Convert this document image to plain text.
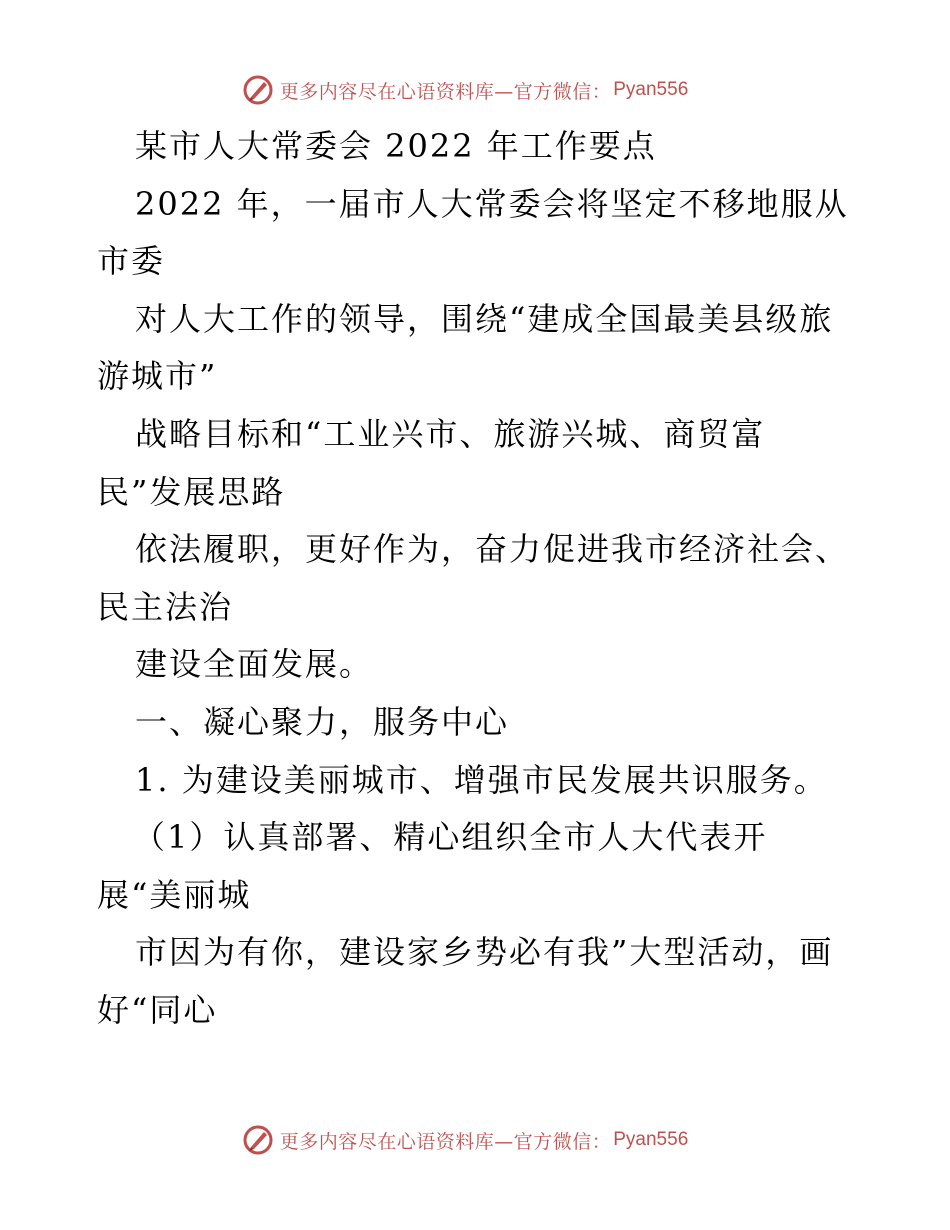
更多内容尽在心语资料库—官方微信： Pyan556
某市人大常委会 2022 年工作要点
2022 年，一届市人大常委会将坚定不移地服从
市委
对人大工作的领导，围绕“建成全国最美县级旅
游城市”
战略目标和“工业兴市、旅游兴城、商贸富
民”发展思路
依法履职，更好作为，奋力促进我市经济社会、
民主法治
建设全面发展。
一、凝心聚力，服务中心
1. 为建设美丽城市、增强市民发展共识服务。
（1）认真部署、精心组织全市人大代表开
展“美丽城
市因为有你，建设家乡势必有我”大型活动，画
好“同心
更多内容尽在心语资料库—官方微信： Pyan556
